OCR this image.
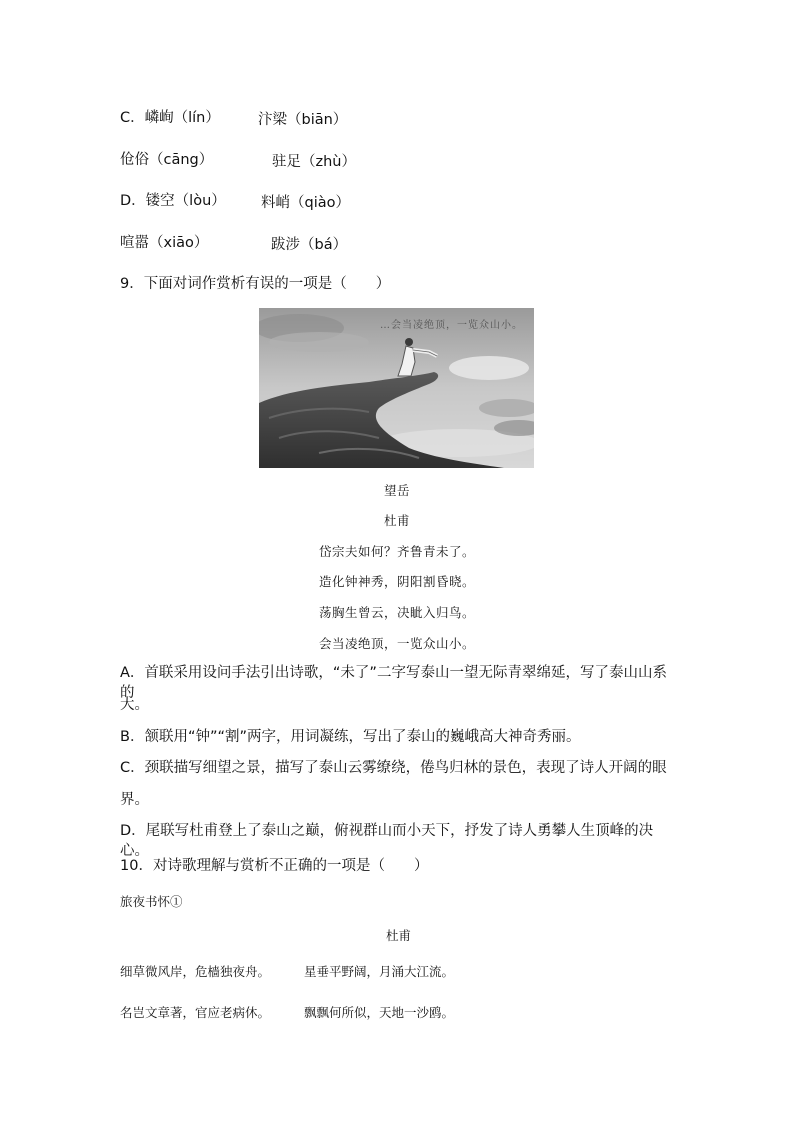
C．嶙峋（lín）	汴梁（biān）
伧俗（cāng）	驻足（zhù）
D．镂空（lòu） 料峭（qiào）
喧嚣（xiāo）	跋涉（bá）
9．下面对词作赏析有误的一项是（　　）
…会当凌绝顶，一览众山小。
望岳
杜甫
岱宗夫如何？齐鲁青未了。
造化钟神秀，阴阳割昏晓。
荡胸生曾云，决眦入归鸟。
会当凌绝顶，一览众山小。
A．首联采用设问手法引出诗歌，“未了”二字写泰山一望无际青翠绵延，写了泰山山系的
大。
B．颔联用“钟”“割”两字，用词凝练，写出了泰山的巍峨高大神奇秀丽。
C．颈联描写细望之景，描写了泰山云雾缭绕，倦鸟归林的景色，表现了诗人开阔的眼
界。
D．尾联写杜甫登上了泰山之巅，俯视群山而小天下，抒发了诗人勇攀人生顶峰的决心。
10．对诗歌理解与赏析不正确的一项是（　　）
旅夜书怀①
杜甫
细草微风岸，危樯独夜舟。	星垂平野阔，月涌大江流。
名岂文章著，官应老病休。	飘飘何所似，天地一沙鸥。
